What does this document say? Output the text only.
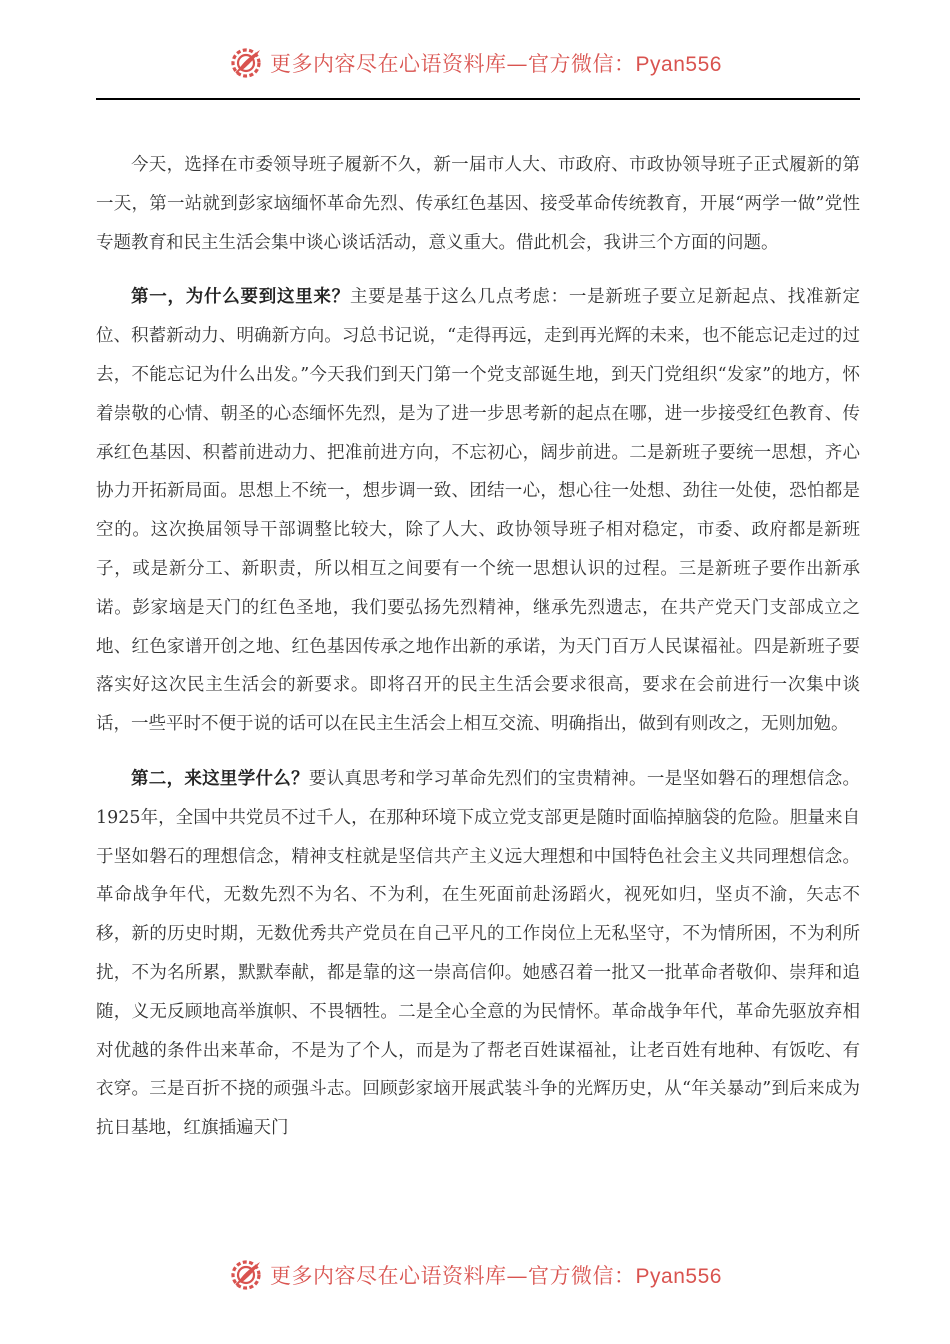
更多内容尽在心语资料库—官方微信：Pyan556

今天，选择在市委领导班子履新不久，新一届市人大、市政府、市政协领导班子正式履新的第一天，第一站就到彭家垴缅怀革命先烈、传承红色基因、接受革命传统教育，开展“两学一做”党性专题教育和民主生活会集中谈心谈话活动，意义重大。借此机会，我讲三个方面的问题。

第一，为什么要到这里来？主要是基于这么几点考虑：一是新班子要立足新起点、找准新定位、积蓄新动力、明确新方向。习总书记说，“走得再远，走到再光辉的未来，也不能忘记走过的过去，不能忘记为什么出发。”今天我们到天门第一个党支部诞生地，到天门党组织“发家”的地方，怀着崇敬的心情、朝圣的心态缅怀先烈，是为了进一步思考新的起点在哪，进一步接受红色教育、传承红色基因、积蓄前进动力、把准前进方向，不忘初心，阔步前进。二是新班子要统一思想，齐心协力开拓新局面。思想上不统一，想步调一致、团结一心，想心往一处想、劲往一处使，恐怕都是空的。这次换届领导干部调整比较大，除了人大、政协领导班子相对稳定，市委、政府都是新班子，或是新分工、新职责，所以相互之间要有一个统一思想认识的过程。三是新班子要作出新承诺。彭家垴是天门的红色圣地，我们要弘扬先烈精神，继承先烈遗志，在共产党天门支部成立之地、红色家谱开创之地、红色基因传承之地作出新的承诺，为天门百万人民谋福祉。四是新班子要落实好这次民主生活会的新要求。即将召开的民主生活会要求很高，要求在会前进行一次集中谈话，一些平时不便于说的话可以在民主生活会上相互交流、明确指出，做到有则改之，无则加勉。

第二，来这里学什么？要认真思考和学习革命先烈们的宝贵精神。一是坚如磐石的理想信念。1925年，全国中共党员不过千人，在那种环境下成立党支部更是随时面临掉脑袋的危险。胆量来自于坚如磐石的理想信念，精神支柱就是坚信共产主义远大理想和中国特色社会主义共同理想信念。革命战争年代，无数先烈不为名、不为利，在生死面前赴汤蹈火，视死如归，坚贞不渝，矢志不移，新的历史时期，无数优秀共产党员在自己平凡的工作岗位上无私坚守，不为情所困，不为利所扰，不为名所累，默默奉献，都是靠的这一崇高信仰。她感召着一批又一批革命者敬仰、崇拜和追随，义无反顾地高举旗帜、不畏牺牲。二是全心全意的为民情怀。革命战争年代，革命先驱放弃相对优越的条件出来革命，不是为了个人，而是为了帮老百姓谋福祉，让老百姓有地种、有饭吃、有衣穿。三是百折不挠的顽强斗志。回顾彭家垴开展武装斗争的光辉历史，从“年关暴动”到后来成为抗日基地，红旗插遍天门

更多内容尽在心语资料库—官方微信：Pyan556
